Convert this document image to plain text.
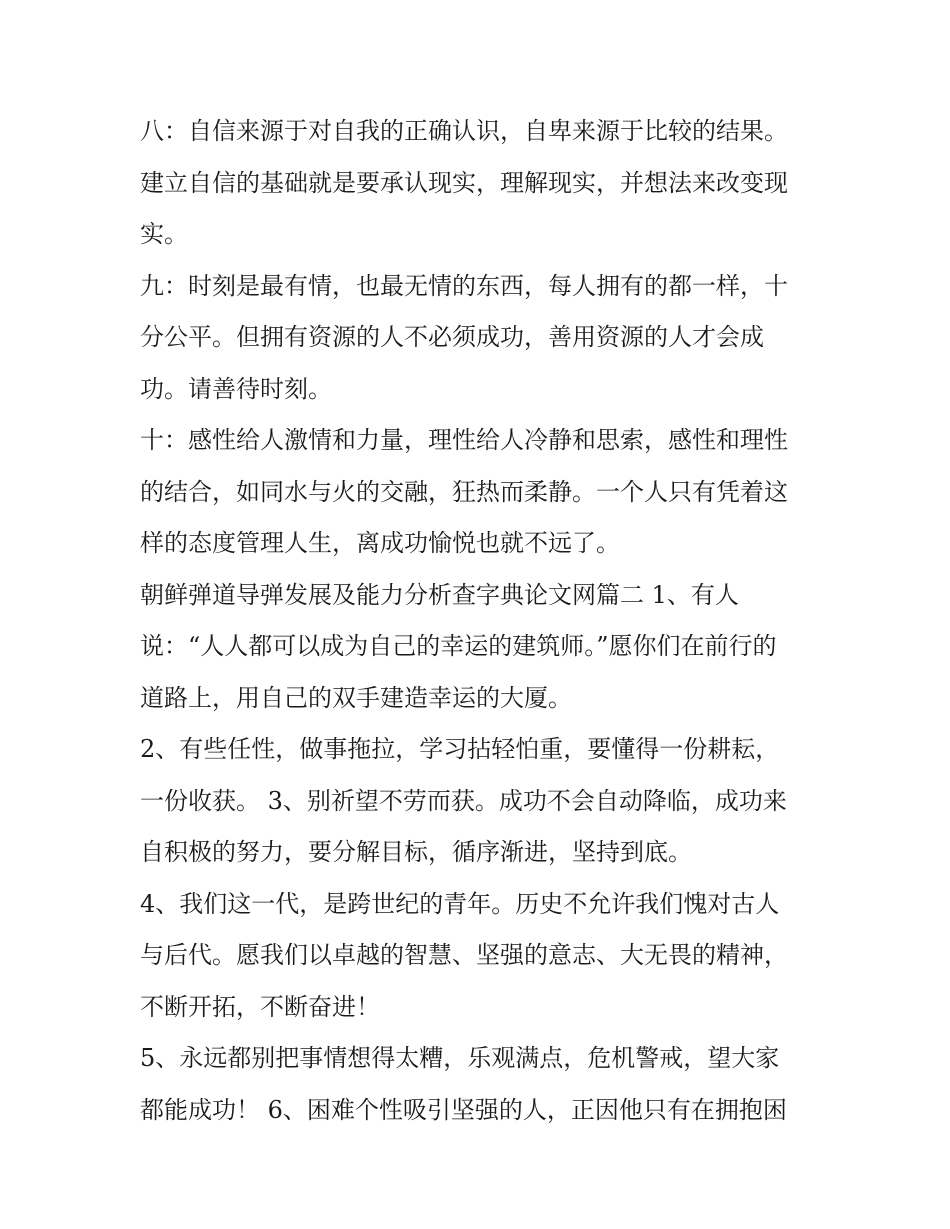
八：自信来源于对自我的正确认识，自卑来源于比较的结果。
建立自信的基础就是要承认现实，理解现实，并想法来改变现
实。
九：时刻是最有情，也最无情的东西，每人拥有的都一样，十
分公平。但拥有资源的人不必须成功，善用资源的人才会成
功。请善待时刻。
十：感性给人激情和力量，理性给人冷静和思索，感性和理性
的结合，如同水与火的交融，狂热而柔静。一个人只有凭着这
样的态度管理人生，离成功愉悦也就不远了。
朝鲜弹道导弹发展及能力分析查字典论文网篇二 1、有人
说：“人人都可以成为自己的幸运的建筑师。”愿你们在前行的
道路上，用自己的双手建造幸运的大厦。
2、有些任性，做事拖拉，学习拈轻怕重，要懂得一份耕耘，
一份收获。 3、别祈望不劳而获。成功不会自动降临，成功来
自积极的努力，要分解目标，循序渐进，坚持到底。
4、我们这一代，是跨世纪的青年。历史不允许我们愧对古人
与后代。愿我们以卓越的智慧、坚强的意志、大无畏的精神，
不断开拓，不断奋进！
5、永远都别把事情想得太糟，乐观满点，危机警戒，望大家
都能成功！ 6、困难个性吸引坚强的人，正因他只有在拥抱困
